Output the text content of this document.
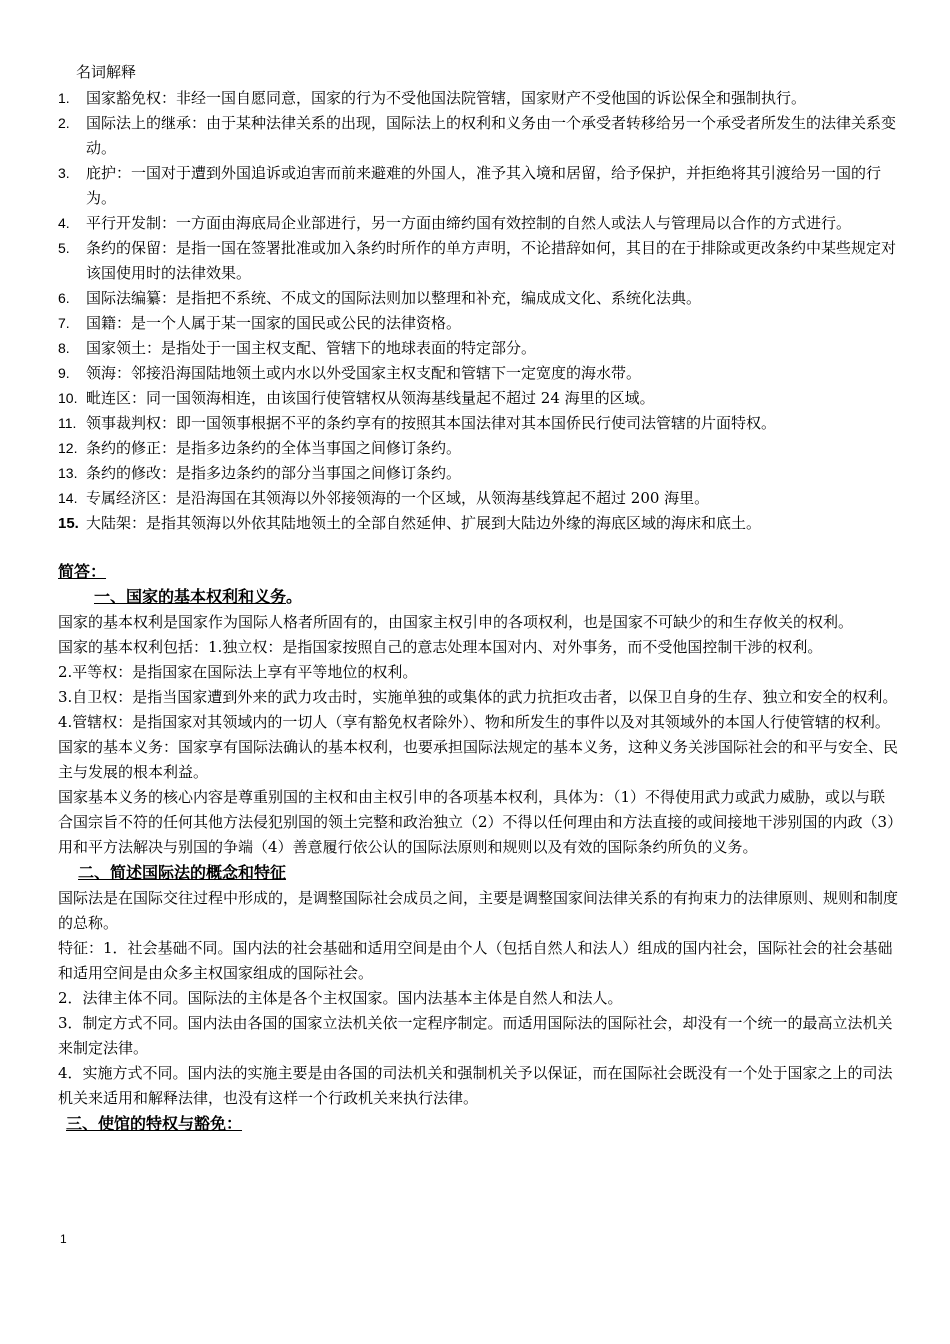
名词解释
1.	国家豁免权：非经一国自愿同意，国家的行为不受他国法院管辖，国家财产不受他国的诉讼保全和强制执行。
2.	国际法上的继承：由于某种法律关系的出现，国际法上的权利和义务由一个承受者转移给另一个承受者所发生的法律关系变动。
3.	庇护：一国对于遭到外国追诉或迫害而前来避难的外国人，准予其入境和居留，给予保护，并拒绝将其引渡给另一国的行为。
4.	平行开发制：一方面由海底局企业部进行，另一方面由缔约国有效控制的自然人或法人与管理局以合作的方式进行。
5.	条约的保留：是指一国在签署批准或加入条约时所作的单方声明，不论措辞如何，其目的在于排除或更改条约中某些规定对该国使用时的法律效果。
6.	国际法编纂：是指把不系统、不成文的国际法则加以整理和补充，编成成文化、系统化法典。
7.	国籍：是一个人属于某一国家的国民或公民的法律资格。
8.	国家领土：是指处于一国主权支配、管辖下的地球表面的特定部分。
9.	领海：邻接沿海国陆地领土或内水以外受国家主权支配和管辖下一定宽度的海水带。
10. 毗连区：同一国领海相连，由该国行使管辖权从领海基线量起不超过 24 海里的区域。
11. 领事裁判权：即一国领事根据不平的条约享有的按照其本国法律对其本国侨民行使司法管辖的片面特权。
12. 条约的修正：是指多边条约的全体当事国之间修订条约。
13. 条约的修改：是指多边条约的部分当事国之间修订条约。
14. 专属经济区：是沿海国在其领海以外邻接领海的一个区域，从领海基线算起不超过 200 海里。
15. 大陆架：是指其领海以外依其陆地领土的全部自然延伸、扩展到大陆边外缘的海底区域的海床和底土。
简答：
一、国家的基本权利和义务。
国家的基本权利是国家作为国际人格者所固有的，由国家主权引申的各项权利，也是国家不可缺少的和生存攸关的权利。
国家的基本权利包括：1.独立权：是指国家按照自己的意志处理本国对内、对外事务，而不受他国控制干涉的权利。
2.平等权：是指国家在国际法上享有平等地位的权利。
3.自卫权：是指当国家遭到外来的武力攻击时，实施单独的或集体的武力抗拒攻击者，以保卫自身的生存、独立和安全的权利。
4.管辖权：是指国家对其领域内的一切人（享有豁免权者除外）、物和所发生的事件以及对其领域外的本国人行使管辖的权利。
国家的基本义务：国家享有国际法确认的基本权利，也要承担国际法规定的基本义务，这种义务关涉国际社会的和平与安全、民主与发展的根本利益。
国家基本义务的核心内容是尊重别国的主权和由主权引申的各项基本权利，具体为：（1）不得使用武力或武力威胁，或以与联合国宗旨不符的任何其他方法侵犯别国的领土完整和政治独立（2）不得以任何理由和方法直接的或间接地干涉别国的内政（3）用和平方法解决与别国的争端（4）善意履行依公认的国际法原则和规则以及有效的国际条约所负的义务。
二、简述国际法的概念和特征
国际法是在国际交往过程中形成的，是调整国际社会成员之间，主要是调整国家间法律关系的有拘束力的法律原则、规则和制度的总称。
特征：1．社会基础不同。国内法的社会基础和适用空间是由个人（包括自然人和法人）组成的国内社会，国际社会的社会基础和适用空间是由众多主权国家组成的国际社会。
2．法律主体不同。国际法的主体是各个主权国家。国内法基本主体是自然人和法人。
3．制定方式不同。国内法由各国的国家立法机关依一定程序制定。而适用国际法的国际社会，却没有一个统一的最高立法机关来制定法律。
4．实施方式不同。国内法的实施主要是由各国的司法机关和强制机关予以保证，而在国际社会既没有一个处于国家之上的司法机关来适用和解释法律，也没有这样一个行政机关来执行法律。
三、使馆的特权与豁免：
1
